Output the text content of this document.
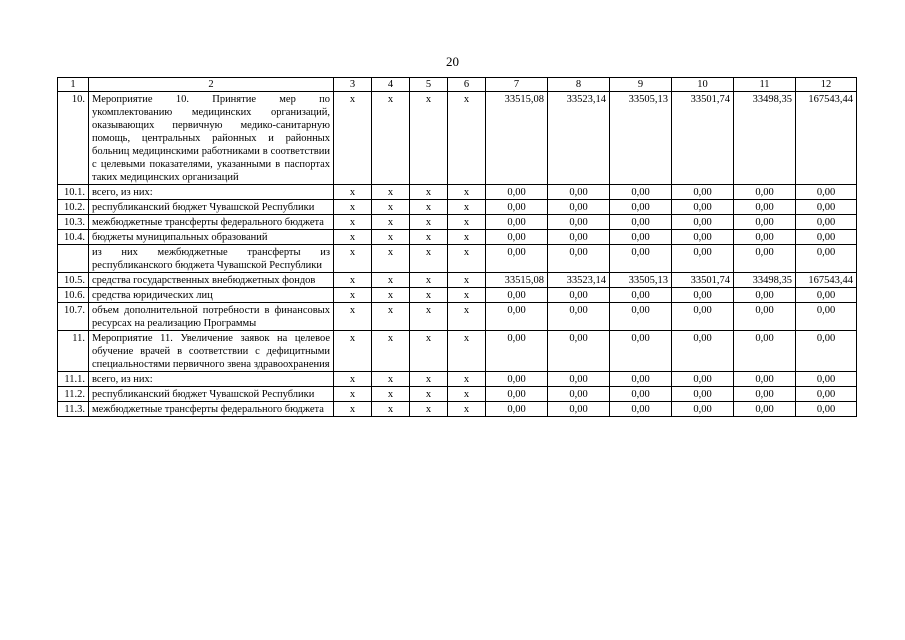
20
1	2	3	4	5	6	7	8	9	10	11	12
10.	Мероприятие 10. Принятие мер по укомплектованию медицинских организаций, оказывающих первичную медико-санитарную помощь, центральных районных и районных больниц медицинскими работниками в соответствии с целевыми показателями, указанными в паспортах таких медицинских организаций	х	х	х	х	33515,08	33523,14	33505,13	33501,74	33498,35	167543,44
10.1.	всего, из них:	х	х	х	х	0,00	0,00	0,00	0,00	0,00	0,00
10.2.	республиканский бюджет Чувашской Республики	х	х	х	х	0,00	0,00	0,00	0,00	0,00	0,00
10.3.	межбюджетные трансферты федерального бюджета	х	х	х	х	0,00	0,00	0,00	0,00	0,00	0,00
10.4.	бюджеты муниципальных образований	х	х	х	х	0,00	0,00	0,00	0,00	0,00	0,00
	из них межбюджетные трансферты из республиканского бюджета Чувашской Республики	х	х	х	х	0,00	0,00	0,00	0,00	0,00	0,00
10.5.	средства государственных внебюджетных фондов	х	х	х	х	33515,08	33523,14	33505,13	33501,74	33498,35	167543,44
10.6.	средства юридических лиц	х	х	х	х	0,00	0,00	0,00	0,00	0,00	0,00
10.7.	объем дополнительной потребности в финансовых ресурсах на реализацию Программы	х	х	х	х	0,00	0,00	0,00	0,00	0,00	0,00
11.	Мероприятие 11. Увеличение заявок на целевое обучение врачей в соответствии с дефицитными специальностями первичного звена здравоохранения	х	х	х	х	0,00	0,00	0,00	0,00	0,00	0,00
11.1.	всего, из них:	х	х	х	х	0,00	0,00	0,00	0,00	0,00	0,00
11.2.	республиканский бюджет Чувашской Республики	х	х	х	х	0,00	0,00	0,00	0,00	0,00	0,00
11.3.	межбюджетные трансферты федерального бюджета	х	х	х	х	0,00	0,00	0,00	0,00	0,00	0,00
